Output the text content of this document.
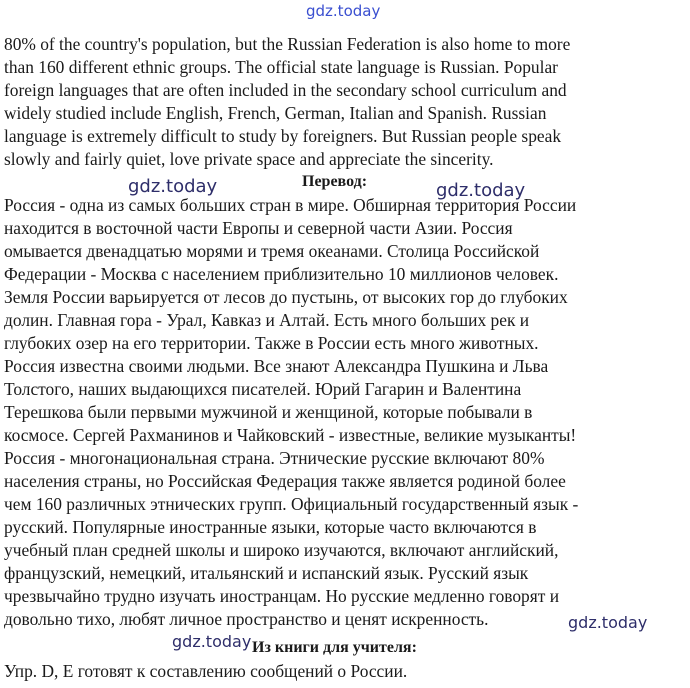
gdz.today
80% of the country's population, but the Russian Federation is also home to more
than 160 different ethnic groups. The official state language is Russian. Popular
foreign languages that are often included in the secondary school curriculum and
widely studied include English, French, German, Italian and Spanish. Russian
language is extremely difficult to study by foreigners. But Russian people speak
slowly and fairly quiet, love private space and appreciate the sincerity.
Перевод:
gdz.today	gdz.today
Россия - одна из самых больших стран в мире. Обширная территория России
находится в восточной части Европы и северной части Азии. Россия
омывается двенадцатью морями и тремя океанами. Столица Российской
Федерации - Москва с населением приблизительно 10 миллионов человек.
Земля России варьируется от лесов до пустынь, от высоких гор до глубоких
долин. Главная гора - Урал, Кавказ и Алтай. Есть много больших рек и
глубоких озер на его территории. Также в России есть много животных.
Россия известна своими людьми. Все знают Александра Пушкина и Льва
Толстого, наших выдающихся писателей. Юрий Гагарин и Валентина
Терешкова были первыми мужчиной и женщиной, которые побывали в
космосе. Сергей Рахманинов и Чайковский - известные, великие музыканты!
Россия - многонациональная страна. Этнические русские включают 80%
населения страны, но Российская Федерация также является родиной более
чем 160 различных этнических групп. Официальный государственный язык -
русский. Популярные иностранные языки, которые часто включаются в
учебный план средней школы и широко изучаются, включают английский,
французский, немецкий, итальянский и испанский язык. Русский язык
чрезвычайно трудно изучать иностранцам. Но русские медленно говорят и
довольно тихо, любят личное пространство и ценят искренность.	gdz.today
Из книги для учителя:
gdz.today
Упр. D, E готовят к составлению сообщений о России.
